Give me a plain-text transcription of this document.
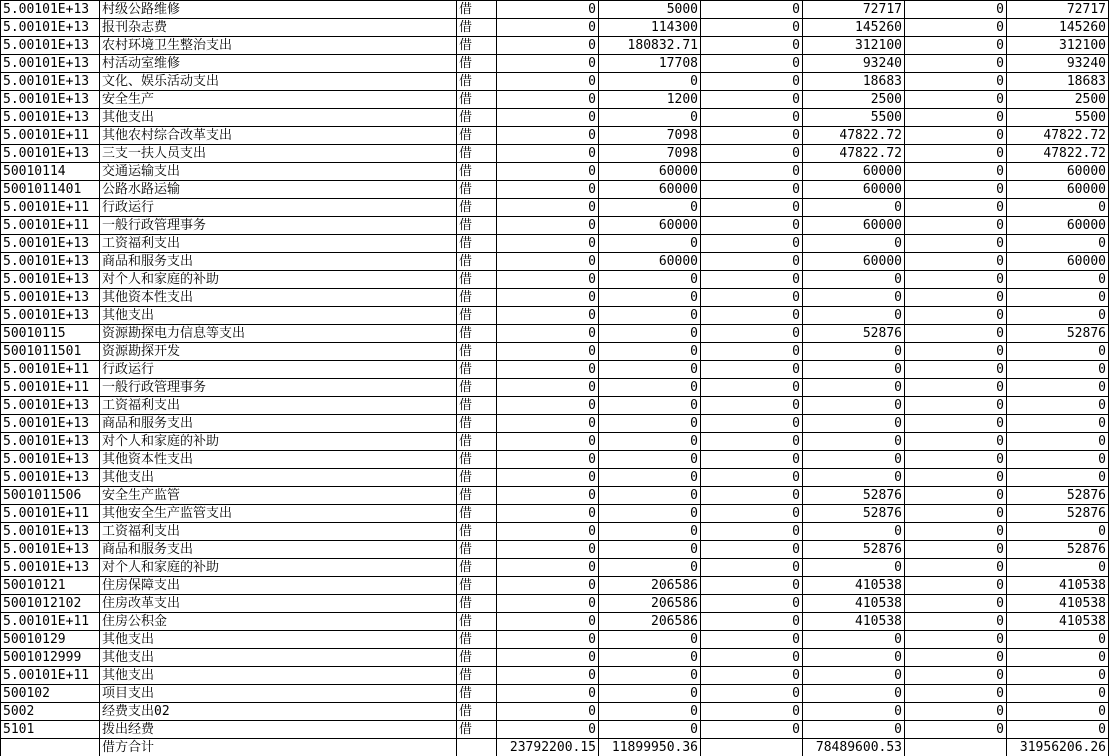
5.00101E+13	村级公路维修	借	0	5000	0	72717	0	72717
5.00101E+13	报刊杂志费	借	0	114300	0	145260	0	145260
5.00101E+13	农村环境卫生整治支出	借	0	180832.71	0	312100	0	312100
5.00101E+13	村活动室维修	借	0	17708	0	93240	0	93240
5.00101E+13	文化、娱乐活动支出	借	0	0	0	18683	0	18683
5.00101E+13	安全生产	借	0	1200	0	2500	0	2500
5.00101E+13	其他支出	借	0	0	0	5500	0	5500
5.00101E+11	其他农村综合改革支出	借	0	7098	0	47822.72	0	47822.72
5.00101E+13	三支一扶人员支出	借	0	7098	0	47822.72	0	47822.72
50010114	交通运输支出	借	0	60000	0	60000	0	60000
5001011401	公路水路运输	借	0	60000	0	60000	0	60000
5.00101E+11	行政运行	借	0	0	0	0	0	0
5.00101E+11	一般行政管理事务	借	0	60000	0	60000	0	60000
5.00101E+13	工资福利支出	借	0	0	0	0	0	0
5.00101E+13	商品和服务支出	借	0	60000	0	60000	0	60000
5.00101E+13	对个人和家庭的补助	借	0	0	0	0	0	0
5.00101E+13	其他资本性支出	借	0	0	0	0	0	0
5.00101E+13	其他支出	借	0	0	0	0	0	0
50010115	资源勘探电力信息等支出	借	0	0	0	52876	0	52876
5001011501	资源勘探开发	借	0	0	0	0	0	0
5.00101E+11	行政运行	借	0	0	0	0	0	0
5.00101E+11	一般行政管理事务	借	0	0	0	0	0	0
5.00101E+13	工资福利支出	借	0	0	0	0	0	0
5.00101E+13	商品和服务支出	借	0	0	0	0	0	0
5.00101E+13	对个人和家庭的补助	借	0	0	0	0	0	0
5.00101E+13	其他资本性支出	借	0	0	0	0	0	0
5.00101E+13	其他支出	借	0	0	0	0	0	0
5001011506	安全生产监管	借	0	0	0	52876	0	52876
5.00101E+11	其他安全生产监管支出	借	0	0	0	52876	0	52876
5.00101E+13	工资福利支出	借	0	0	0	0	0	0
5.00101E+13	商品和服务支出	借	0	0	0	52876	0	52876
5.00101E+13	对个人和家庭的补助	借	0	0	0	0	0	0
50010121	住房保障支出	借	0	206586	0	410538	0	410538
5001012102	住房改革支出	借	0	206586	0	410538	0	410538
5.00101E+11	住房公积金	借	0	206586	0	410538	0	410538
50010129	其他支出	借	0	0	0	0	0	0
5001012999	其他支出	借	0	0	0	0	0	0
5.00101E+11	其他支出	借	0	0	0	0	0	0
500102	项目支出	借	0	0	0	0	0	0
5002	经费支出02	借	0	0	0	0	0	0
5101	拨出经费	借	0	0	0	0	0	0
	借方合计		23792200.15	11899950.36		78489600.53		31956206.26
